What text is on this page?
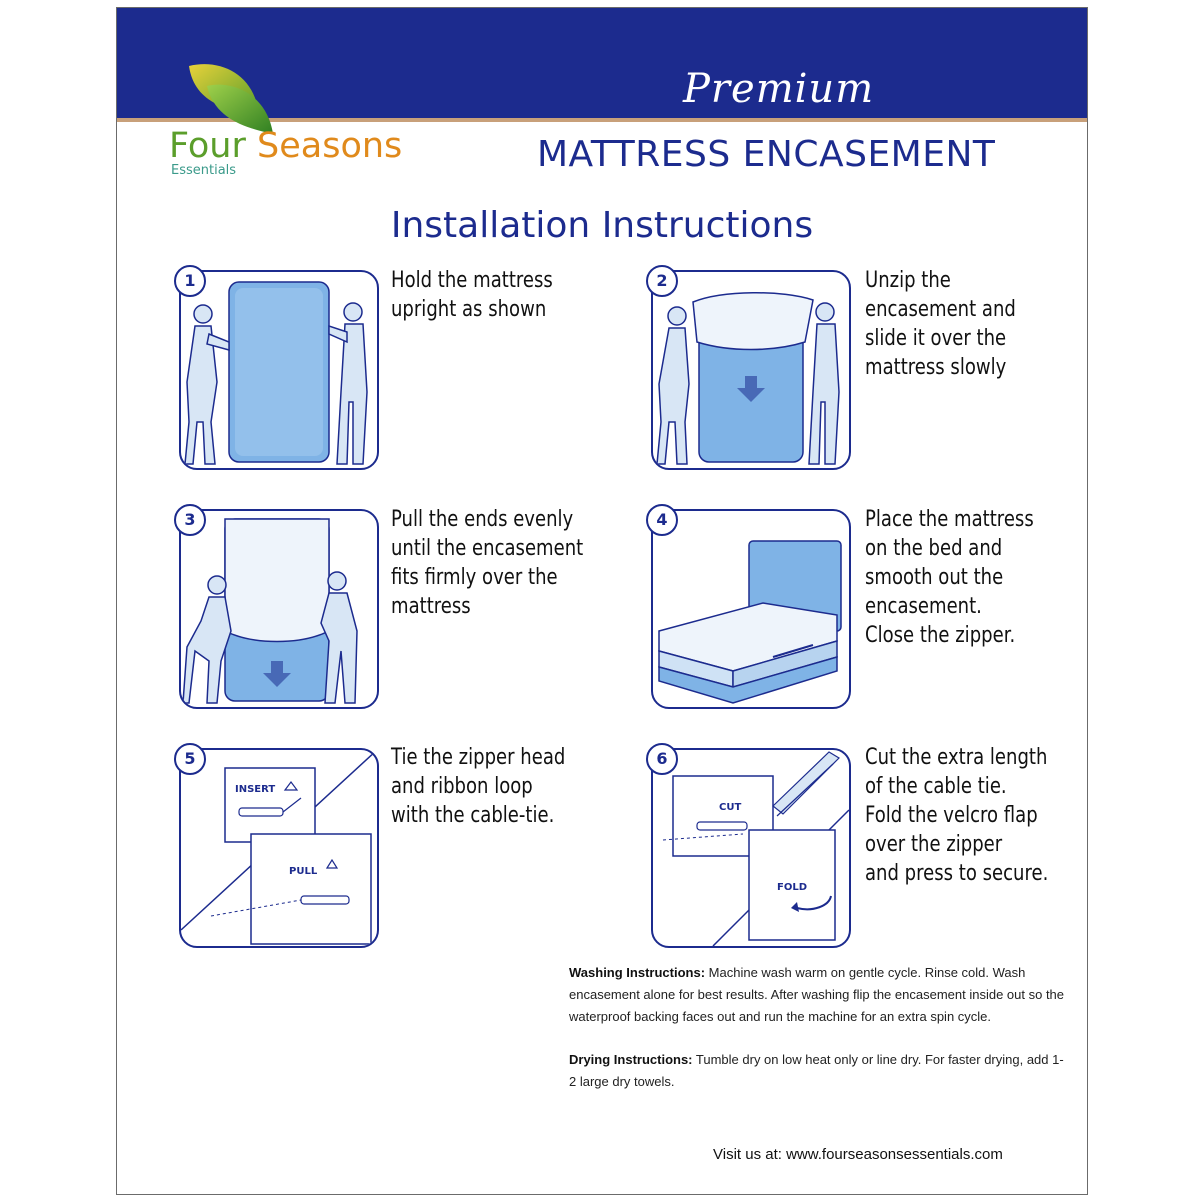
Premium
Four Seasons
Essentials	MATTRESS ENCASEMENT
Installation Instructions
1	Hold the mattress
upright as shown
2	Unzip the
encasement and
slide it over the
mattress slowly
3	Pull the ends evenly
until the encasement
fits firmly over the
mattress
4	Place the mattress
on the bed and
smooth out the
encasement.
Close the zipper.
INSERT
PULL
5	Tie the zipper head
and ribbon loop
with the cable-tie.	CUT
FOLD
6	Cut the extra length
of the cable tie.
Fold the velcro flap
over the zipper
and press to secure.
Washing Instructions: Machine wash warm on gentle cycle. Rinse cold. Wash encasement alone for best results. After washing flip the encasement inside out so the waterproof backing faces out and run the machine for an extra spin cycle.
Drying Instructions: Tumble dry on low heat only or line dry. For faster drying, add 1-2 large dry towels.
Visit us at: www.fourseasonsessentials.com
